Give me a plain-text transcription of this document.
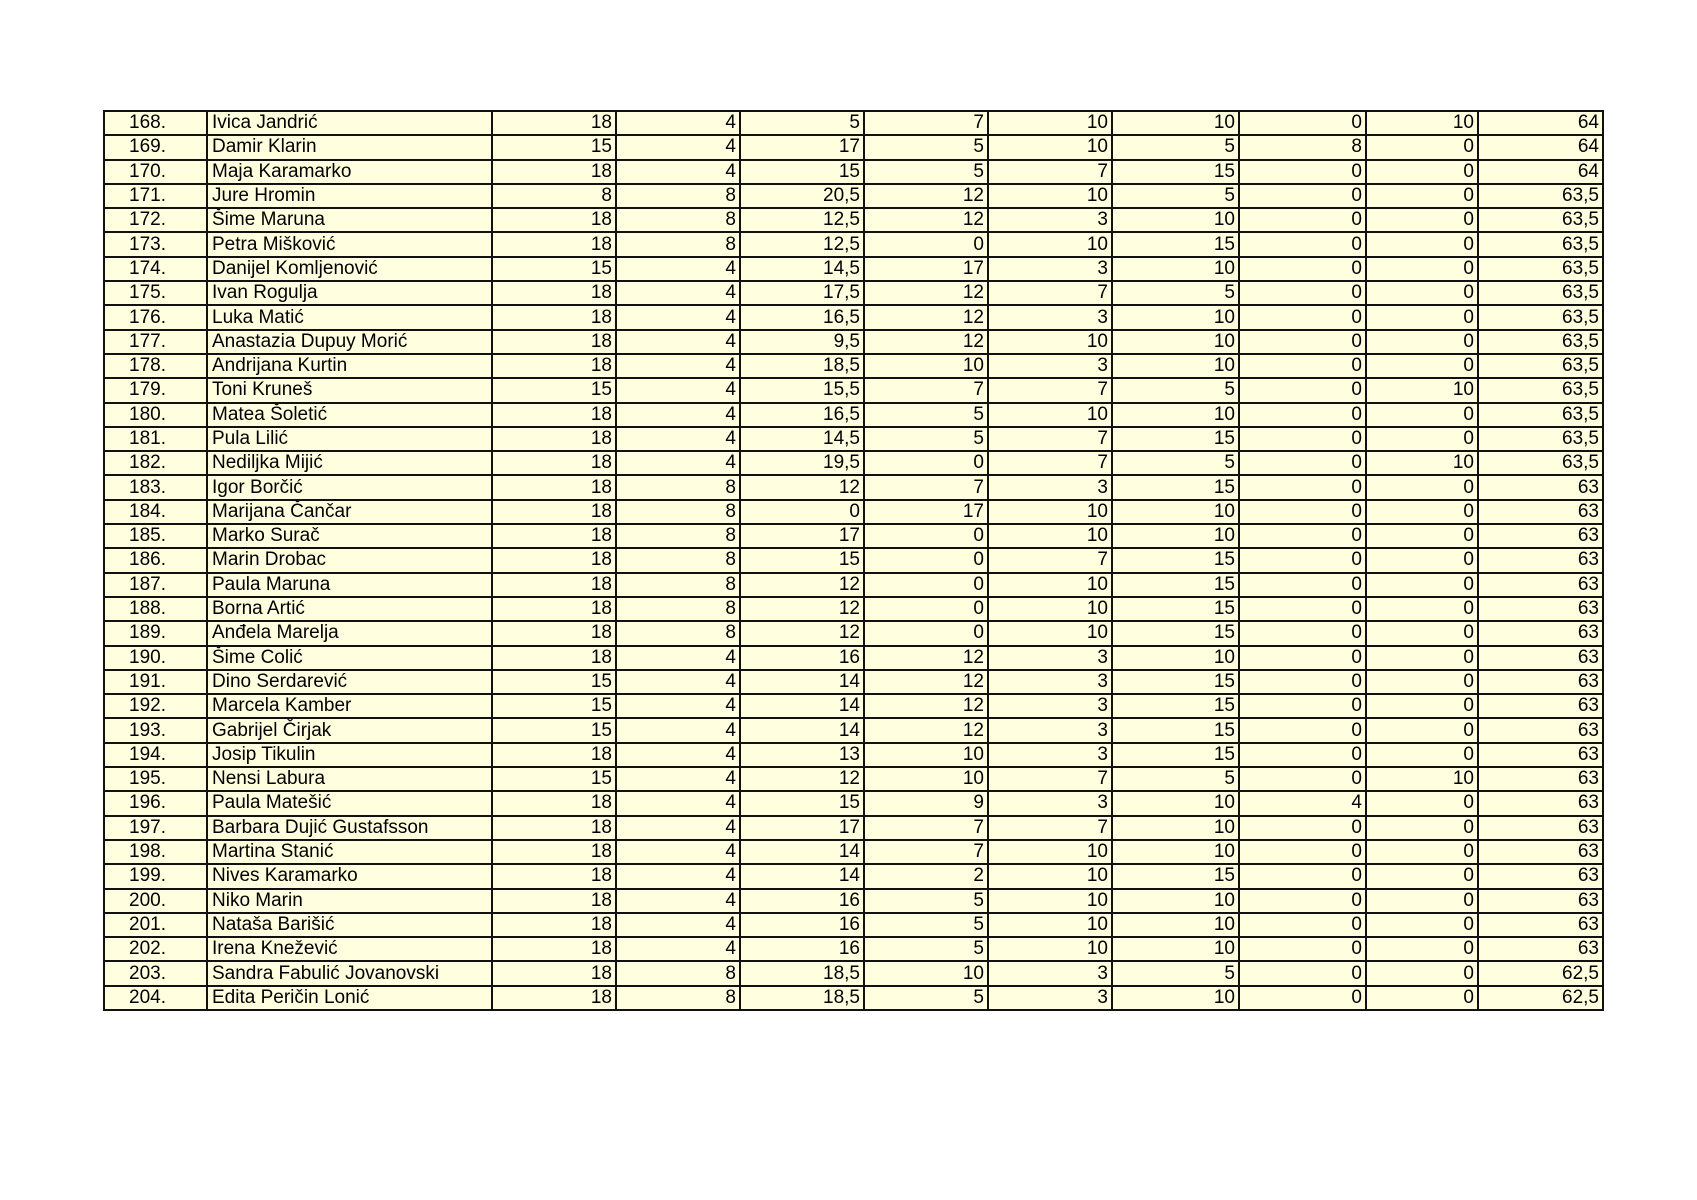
168.	Ivica Jandrić	18	4	5	7	10	10	0	10	64
169.	Damir Klarin	15	4	17	5	10	5	8	0	64
170.	Maja Karamarko	18	4	15	5	7	15	0	0	64
171.	Jure Hromin	8	8	20,5	12	10	5	0	0	63,5
172.	Šime Maruna	18	8	12,5	12	3	10	0	0	63,5
173.	Petra Mišković	18	8	12,5	0	10	15	0	0	63,5
174.	Danijel Komljenović	15	4	14,5	17	3	10	0	0	63,5
175.	Ivan Rogulja	18	4	17,5	12	7	5	0	0	63,5
176.	Luka Matić	18	4	16,5	12	3	10	0	0	63,5
177.	Anastazia Dupuy Morić	18	4	9,5	12	10	10	0	0	63,5
178.	Andrijana Kurtin	18	4	18,5	10	3	10	0	0	63,5
179.	Toni Kruneš	15	4	15,5	7	7	5	0	10	63,5
180.	Matea Šoletić	18	4	16,5	5	10	10	0	0	63,5
181.	Pula Lilić	18	4	14,5	5	7	15	0	0	63,5
182.	Nediljka Mijić	18	4	19,5	0	7	5	0	10	63,5
183.	Igor Borčić	18	8	12	7	3	15	0	0	63
184.	Marijana Čančar	18	8	0	17	10	10	0	0	63
185.	Marko Surač	18	8	17	0	10	10	0	0	63
186.	Marin Drobac	18	8	15	0	7	15	0	0	63
187.	Paula Maruna	18	8	12	0	10	15	0	0	63
188.	Borna Artić	18	8	12	0	10	15	0	0	63
189.	Anđela Marelja	18	8	12	0	10	15	0	0	63
190.	Šime Colić	18	4	16	12	3	10	0	0	63
191.	Dino Serdarević	15	4	14	12	3	15	0	0	63
192.	Marcela Kamber	15	4	14	12	3	15	0	0	63
193.	Gabrijel Čirjak	15	4	14	12	3	15	0	0	63
194.	Josip Tikulin	18	4	13	10	3	15	0	0	63
195.	Nensi Labura	15	4	12	10	7	5	0	10	63
196.	Paula Matešić	18	4	15	9	3	10	4	0	63
197.	Barbara Dujić Gustafsson	18	4	17	7	7	10	0	0	63
198.	Martina Stanić	18	4	14	7	10	10	0	0	63
199.	Nives Karamarko	18	4	14	2	10	15	0	0	63
200.	Niko Marin	18	4	16	5	10	10	0	0	63
201.	Nataša Barišić	18	4	16	5	10	10	0	0	63
202.	Irena Knežević	18	4	16	5	10	10	0	0	63
203.	Sandra Fabulić Jovanovski	18	8	18,5	10	3	5	0	0	62,5
204.	Edita Peričin Lonić	18	8	18,5	5	3	10	0	0	62,5
